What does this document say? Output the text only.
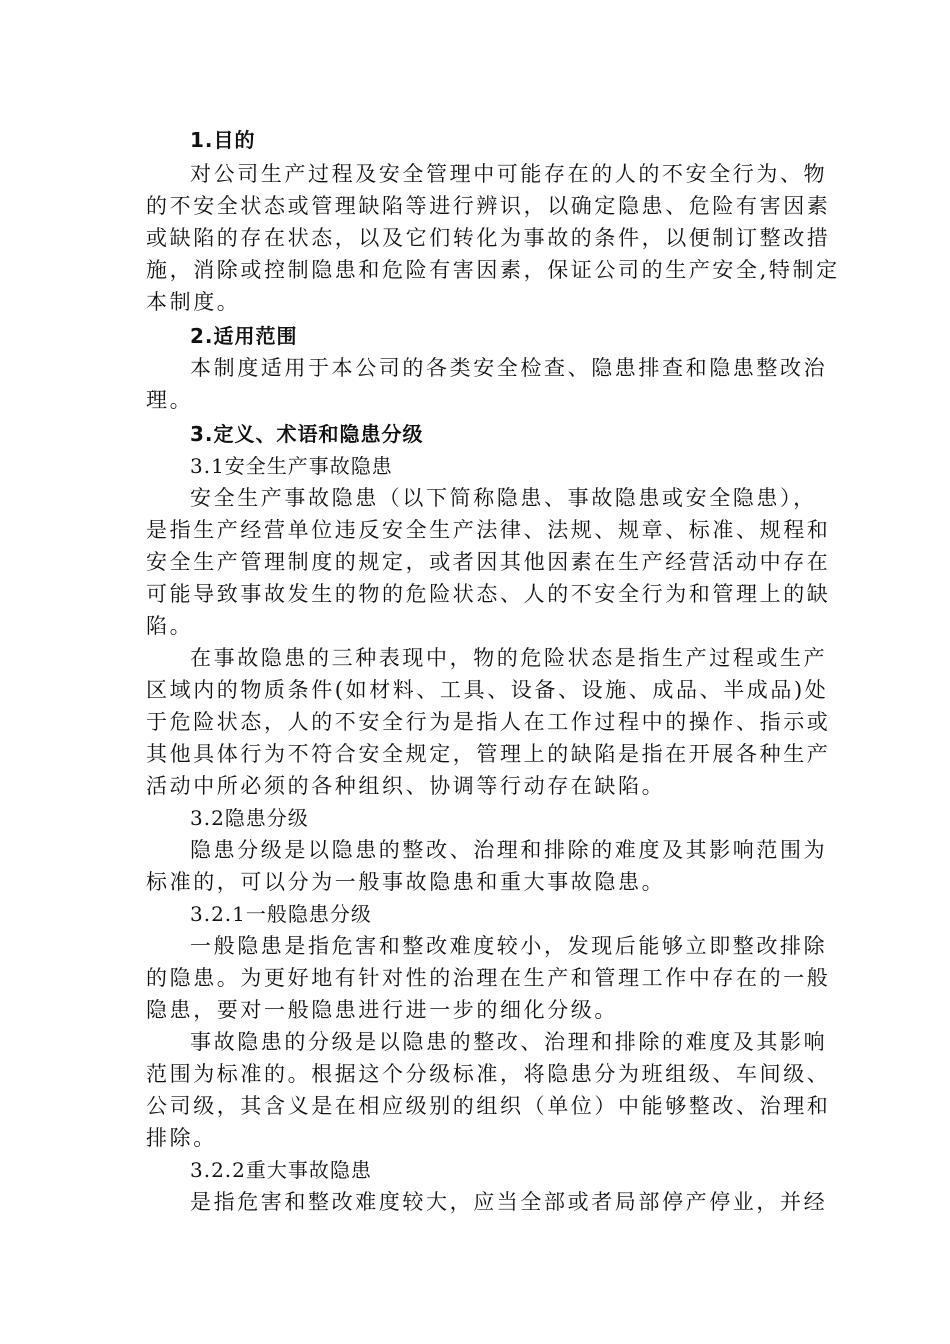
1.目的

对公司生产过程及安全管理中可能存在的人的不安全行为、物
的不安全状态或管理缺陷等进行辨识，以确定隐患、危险有害因素
或缺陷的存在状态，以及它们转化为事故的条件，以便制订整改措
施，消除或控制隐患和危险有害因素，保证公司的生产安全,特制定
本制度。

2.适用范围

本制度适用于本公司的各类安全检查、隐患排查和隐患整改治
理。

3.定义、术语和隐患分级

3.1安全生产事故隐患

安全生产事故隐患（以下简称隐患、事故隐患或安全隐患），
是指生产经营单位违反安全生产法律、法规、规章、标准、规程和
安全生产管理制度的规定，或者因其他因素在生产经营活动中存在
可能导致事故发生的物的危险状态、人的不安全行为和管理上的缺
陷。
在事故隐患的三种表现中，物的危险状态是指生产过程或生产
区域内的物质条件(如材料、工具、设备、设施、成品、半成品)处
于危险状态，人的不安全行为是指人在工作过程中的操作、指示或
其他具体行为不符合安全规定，管理上的缺陷是指在开展各种生产
活动中所必须的各种组织、协调等行动存在缺陷。

3.2隐患分级

隐患分级是以隐患的整改、治理和排除的难度及其影响范围为
标准的，可以分为一般事故隐患和重大事故隐患。

3.2.1一般隐患分级

一般隐患是指危害和整改难度较小，发现后能够立即整改排除
的隐患。为更好地有针对性的治理在生产和管理工作中存在的一般
隐患，要对一般隐患进行进一步的细化分级。
事故隐患的分级是以隐患的整改、治理和排除的难度及其影响
范围为标准的。根据这个分级标准，将隐患分为班组级、车间级、
公司级，其含义是在相应级别的组织（单位）中能够整改、治理和
排除。

3.2.2重大事故隐患

是指危害和整改难度较大，应当全部或者局部停产停业，并经
